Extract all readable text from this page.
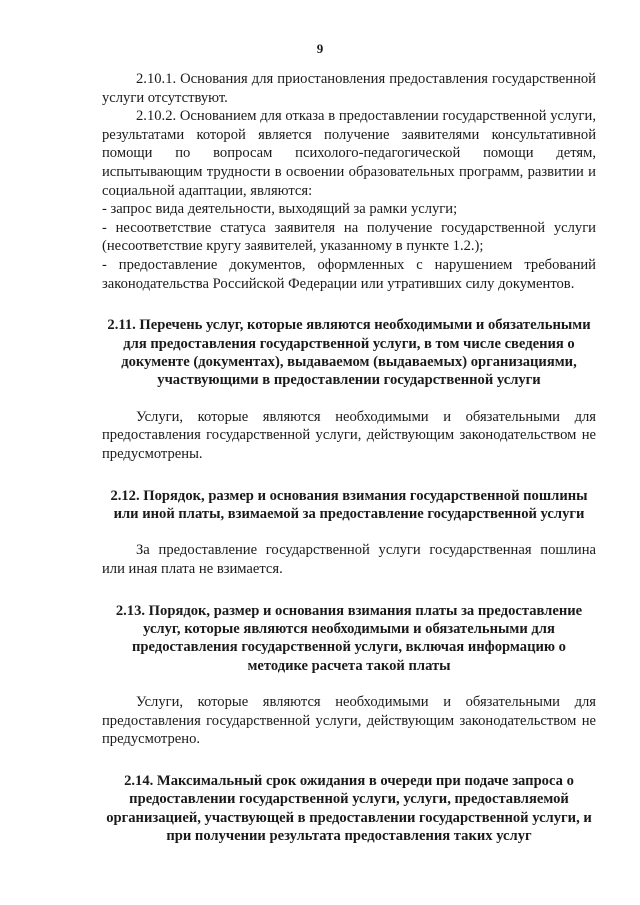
9

2.10.1. Основания для приостановления предоставления государственной услуги отсутствуют.

2.10.2. Основанием для отказа в предоставлении государственной услуги, результатами которой является получение заявителями консультативной помощи по вопросам психолого-педагогической помощи детям, испытывающим трудности в освоении образовательных программ, развитии и социальной адаптации, являются:

- запрос вида деятельности, выходящий за рамки услуги;

- несоответствие статуса заявителя на получение государственной услуги (несоответствие кругу заявителей, указанному в пункте 1.2.);

- предоставление документов, оформленных с нарушением требований законодательства Российской Федерации или утративших силу документов.

2.11. Перечень услуг, которые являются необходимыми и обязательными для предоставления государственной услуги, в том числе сведения о документе (документах), выдаваемом (выдаваемых) организациями, участвующими в предоставлении государственной услуги

Услуги, которые являются необходимыми и обязательными для предоставления государственной услуги, действующим законодательством не предусмотрены.

2.12. Порядок, размер и основания взимания государственной пошлины или иной платы, взимаемой за предоставление государственной услуги

За предоставление государственной услуги государственная пошлина или иная плата не взимается.

2.13. Порядок, размер и основания взимания платы за предоставление услуг, которые являются необходимыми и обязательными для предоставления государственной услуги, включая информацию о методике расчета такой платы

Услуги, которые являются необходимыми и обязательными для предоставления государственной услуги, действующим законодательством не предусмотрено.

2.14. Максимальный срок ожидания в очереди при подаче запроса о предоставлении государственной услуги, услуги, предоставляемой организацией, участвующей в предоставлении государственной услуги, и при получении результата предоставления таких услуг
